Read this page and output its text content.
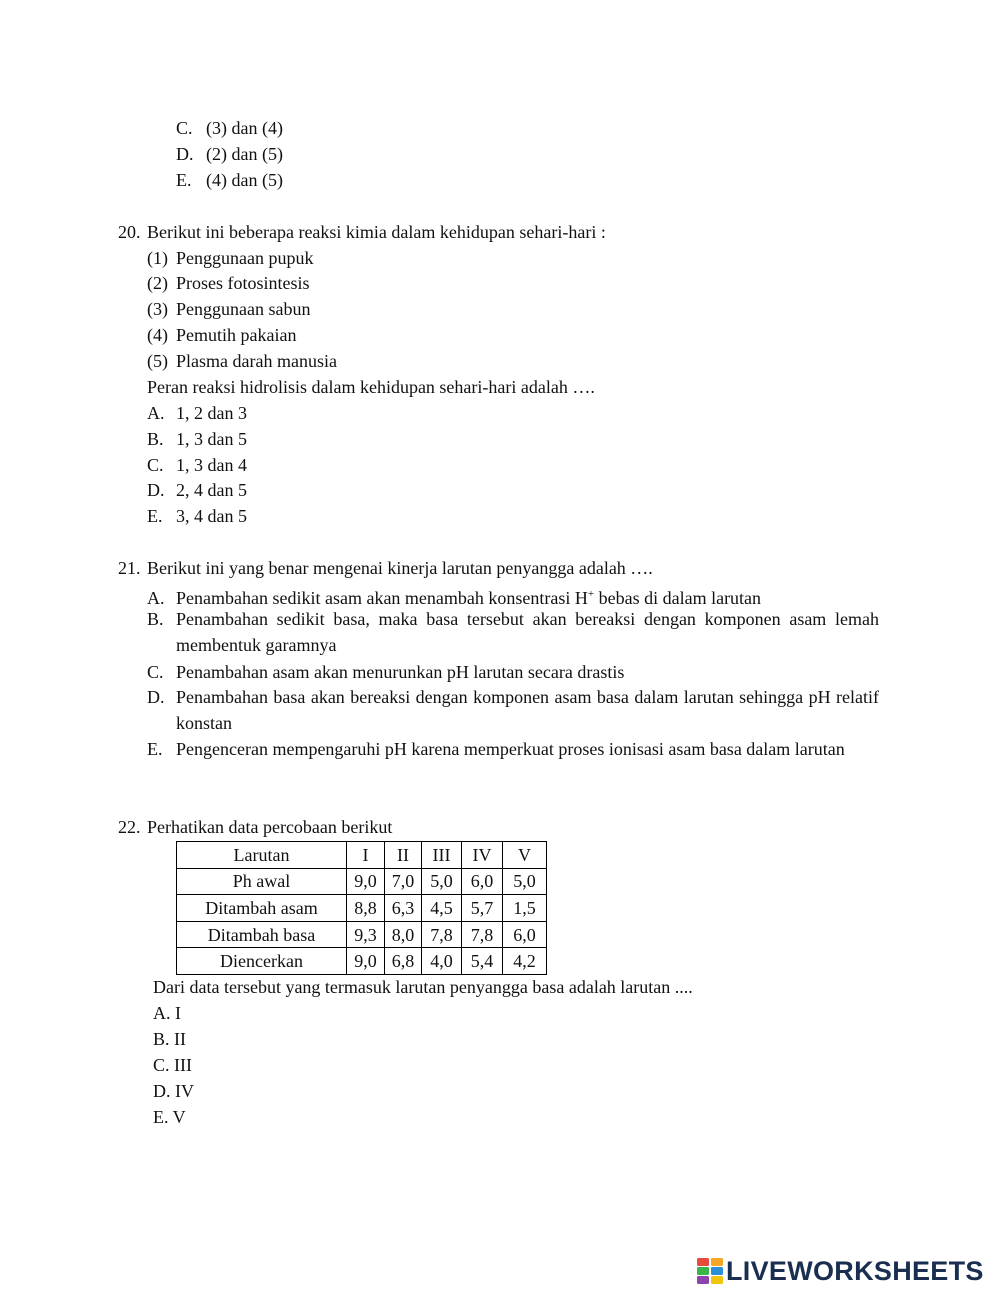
C. (3) dan (4)
D. (2) dan (5)
E. (4) dan (5)
20. Berikut ini beberapa reaksi kimia dalam kehidupan sehari-hari :
(1) Penggunaan pupuk
(2) Proses fotosintesis
(3) Penggunaan sabun
(4) Pemutih pakaian
(5) Plasma darah manusia
Peran reaksi hidrolisis dalam kehidupan sehari-hari adalah ….
A. 1, 2 dan 3
B. 1, 3 dan 5
C. 1, 3 dan 4
D. 2, 4 dan 5
E. 3, 4 dan 5
21. Berikut ini yang benar mengenai kinerja larutan penyangga adalah ….
A. Penambahan sedikit asam akan menambah konsentrasi H+ bebas di dalam larutan
B. Penambahan sedikit basa, maka basa tersebut akan bereaksi dengan komponen asam lemah membentuk garamnya
C. Penambahan asam akan menurunkan pH larutan secara drastis
D. Penambahan basa akan bereaksi dengan komponen asam basa dalam larutan sehingga pH relatif konstan
E. Pengenceran mempengaruhi pH karena memperkuat proses ionisasi asam basa dalam larutan
22. Perhatikan data percobaan berikut
Larutan	I	II	III	IV	V
Ph awal	9,0	7,0	5,0	6,0	5,0
Ditambah asam	8,8	6,3	4,5	5,7	1,5
Ditambah basa	9,3	8,0	7,8	7,8	6,0
Diencerkan	9,0	6,8	4,0	5,4	4,2
Dari data tersebut yang termasuk larutan penyangga basa adalah larutan ....
A. I
B. II
C. III
D. IV
E. V
LIVEWORKSHEETS
